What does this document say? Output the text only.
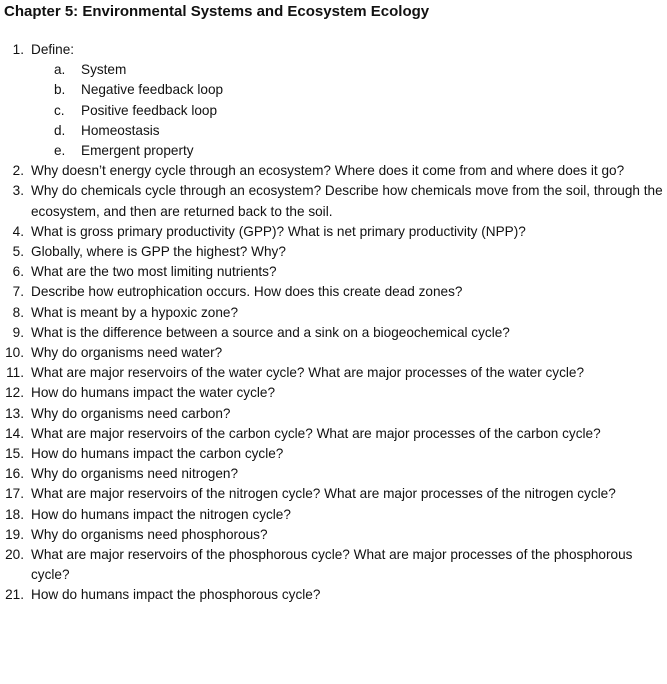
Chapter 5: Environmental Systems and Ecosystem Ecology
1. Define:
a. System
b. Negative feedback loop
c. Positive feedback loop
d. Homeostasis
e. Emergent property
2. Why doesn’t energy cycle through an ecosystem? Where does it come from and where does it go?
3. Why do chemicals cycle through an ecosystem? Describe how chemicals move from the soil, through the ecosystem, and then are returned back to the soil.
4. What is gross primary productivity (GPP)? What is net primary productivity (NPP)?
5. Globally, where is GPP the highest? Why?
6. What are the two most limiting nutrients?
7. Describe how eutrophication occurs. How does this create dead zones?
8. What is meant by a hypoxic zone?
9. What is the difference between a source and a sink on a biogeochemical cycle?
10. Why do organisms need water?
11. What are major reservoirs of the water cycle? What are major processes of the water cycle?
12. How do humans impact the water cycle?
13. Why do organisms need carbon?
14. What are major reservoirs of the carbon cycle? What are major processes of the carbon cycle?
15. How do humans impact the carbon cycle?
16. Why do organisms need nitrogen?
17. What are major reservoirs of the nitrogen cycle? What are major processes of the nitrogen cycle?
18. How do humans impact the nitrogen cycle?
19. Why do organisms need phosphorous?
20. What are major reservoirs of the phosphorous cycle? What are major processes of the phosphorous cycle?
21. How do humans impact the phosphorous cycle?
